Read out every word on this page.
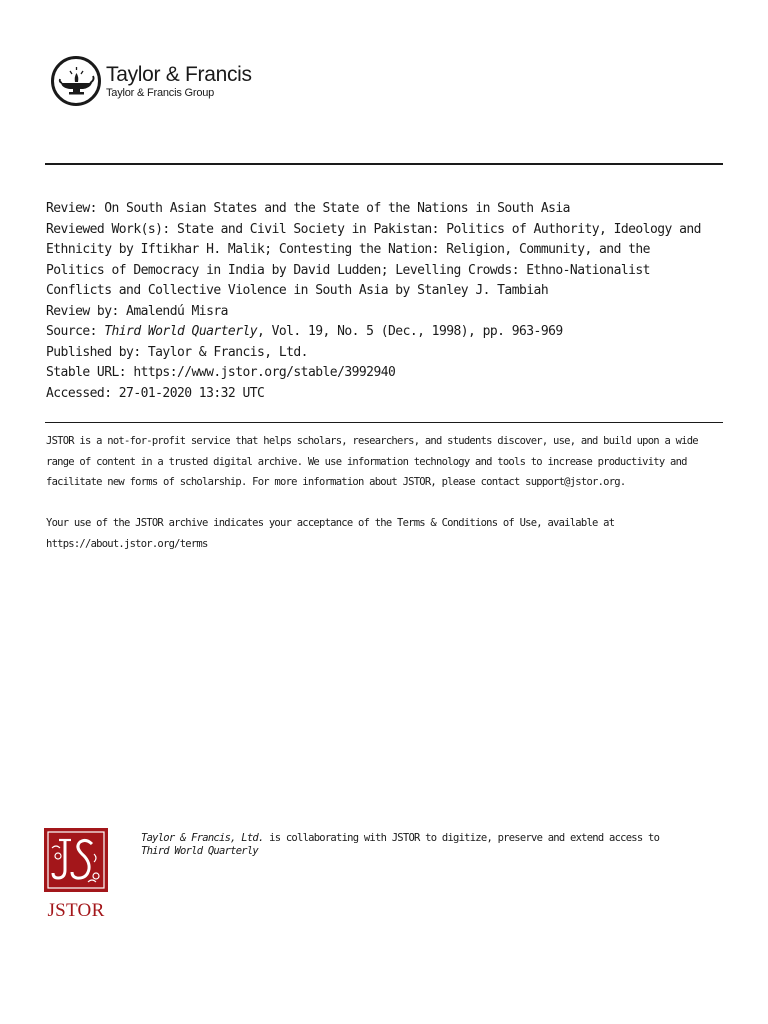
Taylor & Francis
Taylor & Francis Group
Review: On South Asian States and the State of the Nations in South Asia
Reviewed Work(s): State and Civil Society in Pakistan: Politics of Authority, Ideology and
Ethnicity by Iftikhar H. Malik; Contesting the Nation: Religion, Community, and the
Politics of Democracy in India by David Ludden; Levelling Crowds: Ethno-Nationalist
Conflicts and Collective Violence in South Asia by Stanley J. Tambiah
Review by: Amalendú Misra
Source: Third World Quarterly, Vol. 19, No. 5 (Dec., 1998), pp. 963-969
Published by: Taylor & Francis, Ltd.
Stable URL: https://www.jstor.org/stable/3992940
Accessed: 27-01-2020 13:32 UTC
JSTOR is a not-for-profit service that helps scholars, researchers, and students discover, use, and build upon a wide
range of content in a trusted digital archive. We use information technology and tools to increase productivity and
facilitate new forms of scholarship. For more information about JSTOR, please contact support@jstor.org.
Your use of the JSTOR archive indicates your acceptance of the Terms & Conditions of Use, available at
https://about.jstor.org/terms
JSTOR
Taylor & Francis, Ltd. is collaborating with JSTOR to digitize, preserve and extend access to
Third World Quarterly
